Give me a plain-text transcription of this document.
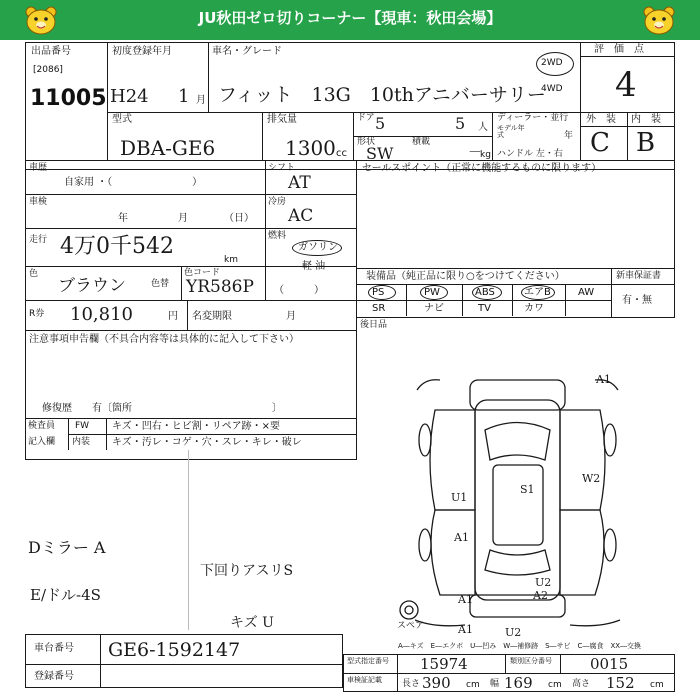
JU秋田ゼロ切りコーナー【現車：秋田会場】
出品番号
[2086]
11005
初度登録年月
H24 1 月
車名・グレード
フィット　13G　10thアニバーサリー
2WD
4WD
評　価　点
4
外　装 内　装
C B
型式
DBA-GE6
排気量
1300 cc
ドア 5	5 人
形状
SW
積載
－
kg
ディーラー・並行
モデル年式	年
ハンドル 左・右
車歴
自家用 ・（　　　　　　　　）
シフト
AT
車検
年	月	（日）
冷房
AC
走行 4万0千542
km
燃料
ガソリン
軽 油
（　　　）
色
ブラウン	色替
色コード
YR586P
R券 10,810	円 名変期限	月
注意事項申告欄（不具合内容等は具体的に記入して下さい）
修復歴　　有〔箇所　　　　　　　　　　　　　　〕
検査員
記入欄
FW
内装
キズ・凹右・ヒビ割・リペア跡・×要
キズ・汚レ・コゲ・穴・スレ・キレ・破レ
セールスポイント（正常に機能するものに限ります）
装備品（純正品に限り○をつけてください）	新車保証書
有・無
PS	PW	ABS	エアB	AW
SR	ナビ	TV	カワ
後日品
Dミラー A
下回りアスリS
E/ドル-4S
キズ U	スペア
A1
W2
U1
S1
A1
A1
U2
A2
A1	U2
A―キズ　E―エクボ　U―凹み　W―補修跡　S―サビ　C―腐食　XX―交換
車台番号 GE6-1592147
登録番号
型式指定番号 15974	類別区分番号	0015
車検証記載 長さ 390 cm 幅 169 cm 高さ 152 cm
